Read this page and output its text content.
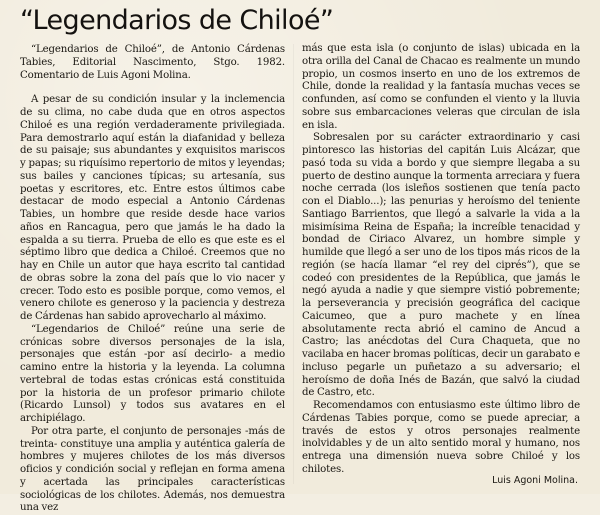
“Legendarios de Chiloé”

“Legendarios de Chiloé”, de Antonio Cárdenas Tabies, Editorial Nascimento, Stgo. 1982. Comentario de Luis Agoni Molina.

A pesar de su condición insular y la inclemencia de su clima, no cabe duda que en otros aspectos Chiloé es una región verdaderamente privilegiada. Para demostrarlo aquí están la diafanidad y belleza de su paisaje; sus abundantes y exquisitos mariscos y papas; su riquísimo repertorio de mitos y leyendas; sus bailes y canciones típicas; su artesanía, sus poetas y escritores, etc. Entre estos últimos cabe destacar de modo especial a Antonio Cárdenas Tabies, un hombre que reside desde hace varios años en Rancagua, pero que jamás le ha dado la espalda a su tierra. Prueba de ello es que este es el séptimo libro que dedica a Chiloé. Creemos que no hay en Chile un autor que haya escrito tal cantidad de obras sobre la zona del país que lo vio nacer y crecer. Todo esto es posible porque, como vemos, el venero chilote es generoso y la paciencia y destreza de Cárdenas han sabido aprovecharlo al máximo.

“Legendarios de Chiloé” reúne una serie de crónicas sobre diversos personajes de la isla, personajes que están -por así decirlo- a medio camino entre la historia y la leyenda. La columna vertebral de todas estas crónicas está constituida por la historia de un profesor primario chilote (Ricardo Lunsol) y todos sus avatares en el archipiélago.

Por otra parte, el conjunto de personajes -más de treinta- constituye una amplia y auténtica galería de hombres y mujeres chilotes de los más diversos oficios y condición social y reflejan en forma amena y acertada las principales características sociológicas de los chilotes. Además, nos demuestra una vez

más que esta isla (o conjunto de islas) ubicada en la otra orilla del Canal de Chacao es realmente un mundo propio, un cosmos inserto en uno de los extremos de Chile, donde la realidad y la fantasía muchas veces se confunden, así como se confunden el viento y la lluvia sobre sus embarcaciones veleras que circulan de isla en isla.

Sobresalen por su carácter extraordinario y casi pintoresco las historias del capitán Luis Alcázar, que pasó toda su vida a bordo y que siempre llegaba a su puerto de destino aunque la tormenta arreciara y fuera noche cerrada (los isleños sostienen que tenía pacto con el Diablo...); las penurias y heroísmo del teniente Santiago Barrientos, que llegó a salvarle la vida a la misimísima Reina de España; la increíble tenacidad y bondad de Ciriaco Alvarez, un hombre simple y humilde que llegó a ser uno de los tipos más ricos de la región (se hacía llamar “el rey del ciprés”), que se codeó con presidentes de la República, que jamás le negó ayuda a nadie y que siempre vistió pobremente; la perseverancia y precisión geográfica del cacique Caicumeo, que a puro machete y en línea absolutamente recta abrió el camino de Ancud a Castro; las anécdotas del Cura Chaqueta, que no vacilaba en hacer bromas políticas, decir un garabato e incluso pegarle un puñetazo a su adversario; el heroísmo de doña Inés de Bazán, que salvó la ciudad de Castro, etc.

Recomendamos con entusiasmo este último libro de Cárdenas Tabies porque, como se puede apreciar, a través de estos y otros personajes realmente inolvidables y de un alto sentido moral y humano, nos entrega una dimensión nueva sobre Chiloé y los chilotes.

Luis Agoni Molina.
